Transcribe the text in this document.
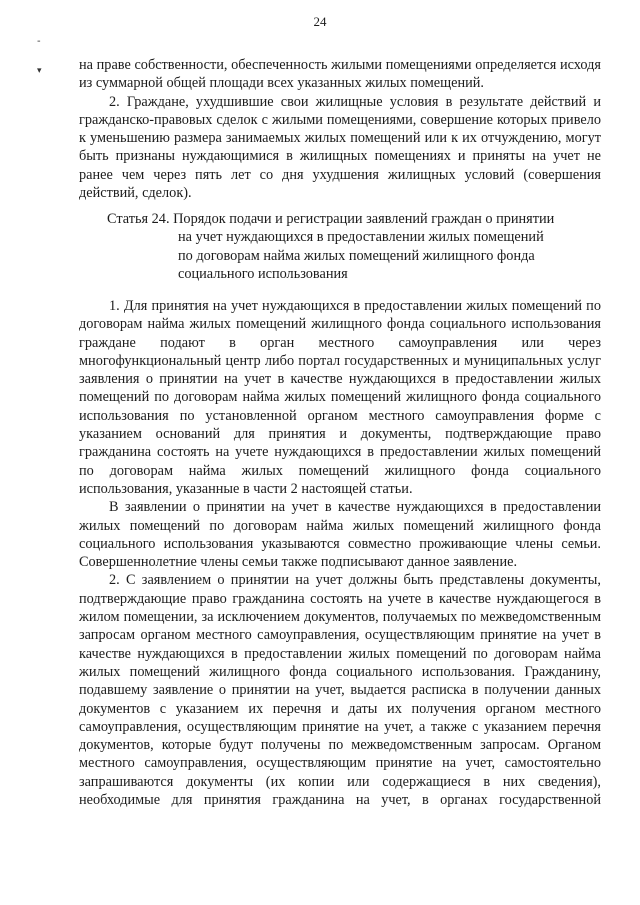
-
▾
24

на праве собственности, обеспеченность жилыми помещениями определяется исходя из суммарной общей площади всех указанных жилых помещений.

2. Граждане, ухудшившие свои жилищные условия в результате действий и гражданско-правовых сделок с жилыми помещениями, совершение которых привело к уменьшению размера занимаемых жилых помещений или к их отчуждению, могут быть признаны нуждающимися в жилищных помещениях и приняты на учет не ранее чем через пять лет со дня ухудшения жилищных условий (совершения действий, сделок).

Статья 24. Порядок подачи и регистрации заявлений граждан о принятии
на учет нуждающихся в предоставлении жилых помещений
по договорам найма жилых помещений жилищного фонда
социального использования

1. Для принятия на учет нуждающихся в предоставлении жилых помещений по договорам найма жилых помещений жилищного фонда социального использования граждане подают в орган местного самоуправления или через многофункциональный центр либо портал государственных и муниципальных услуг заявления о принятии на учет в качестве нуждающихся в предоставлении жилых помещений по договорам найма жилых помещений жилищного фонда социального использования по установленной органом местного самоуправления форме с указанием оснований для принятия и документы, подтверждающие право гражданина состоять на учете нуждающихся в предоставлении жилых помещений по договорам найма жилых помещений жилищного фонда социального использования, указанные в части 2 настоящей статьи.

В заявлении о принятии на учет в качестве нуждающихся в предоставлении жилых помещений по договорам найма жилых помещений жилищного фонда социального использования указываются совместно проживающие члены семьи. Совершеннолетние члены семьи также подписывают данное заявление.

2. С заявлением о принятии на учет должны быть представлены документы, подтверждающие право гражданина состоять на учете в качестве нуждающегося в жилом помещении, за исключением документов, получаемых по межведомственным запросам органом местного самоуправления, осуществляющим принятие на учет в качестве нуждающихся в предоставлении жилых помещений по договорам найма жилых помещений жилищного фонда социального использования. Гражданину, подавшему заявление о принятии на учет, выдается расписка в получении данных документов с указанием их перечня и даты их получения органом местного самоуправления, осуществляющим принятие на учет, а также с указанием перечня документов, которые будут получены по межведомственным запросам. Органом местного самоуправления, осуществляющим принятие на учет, самостоятельно запрашиваются документы (их копии или содержащиеся в них сведения), необходимые для принятия гражданина на учет, в органах государственной
